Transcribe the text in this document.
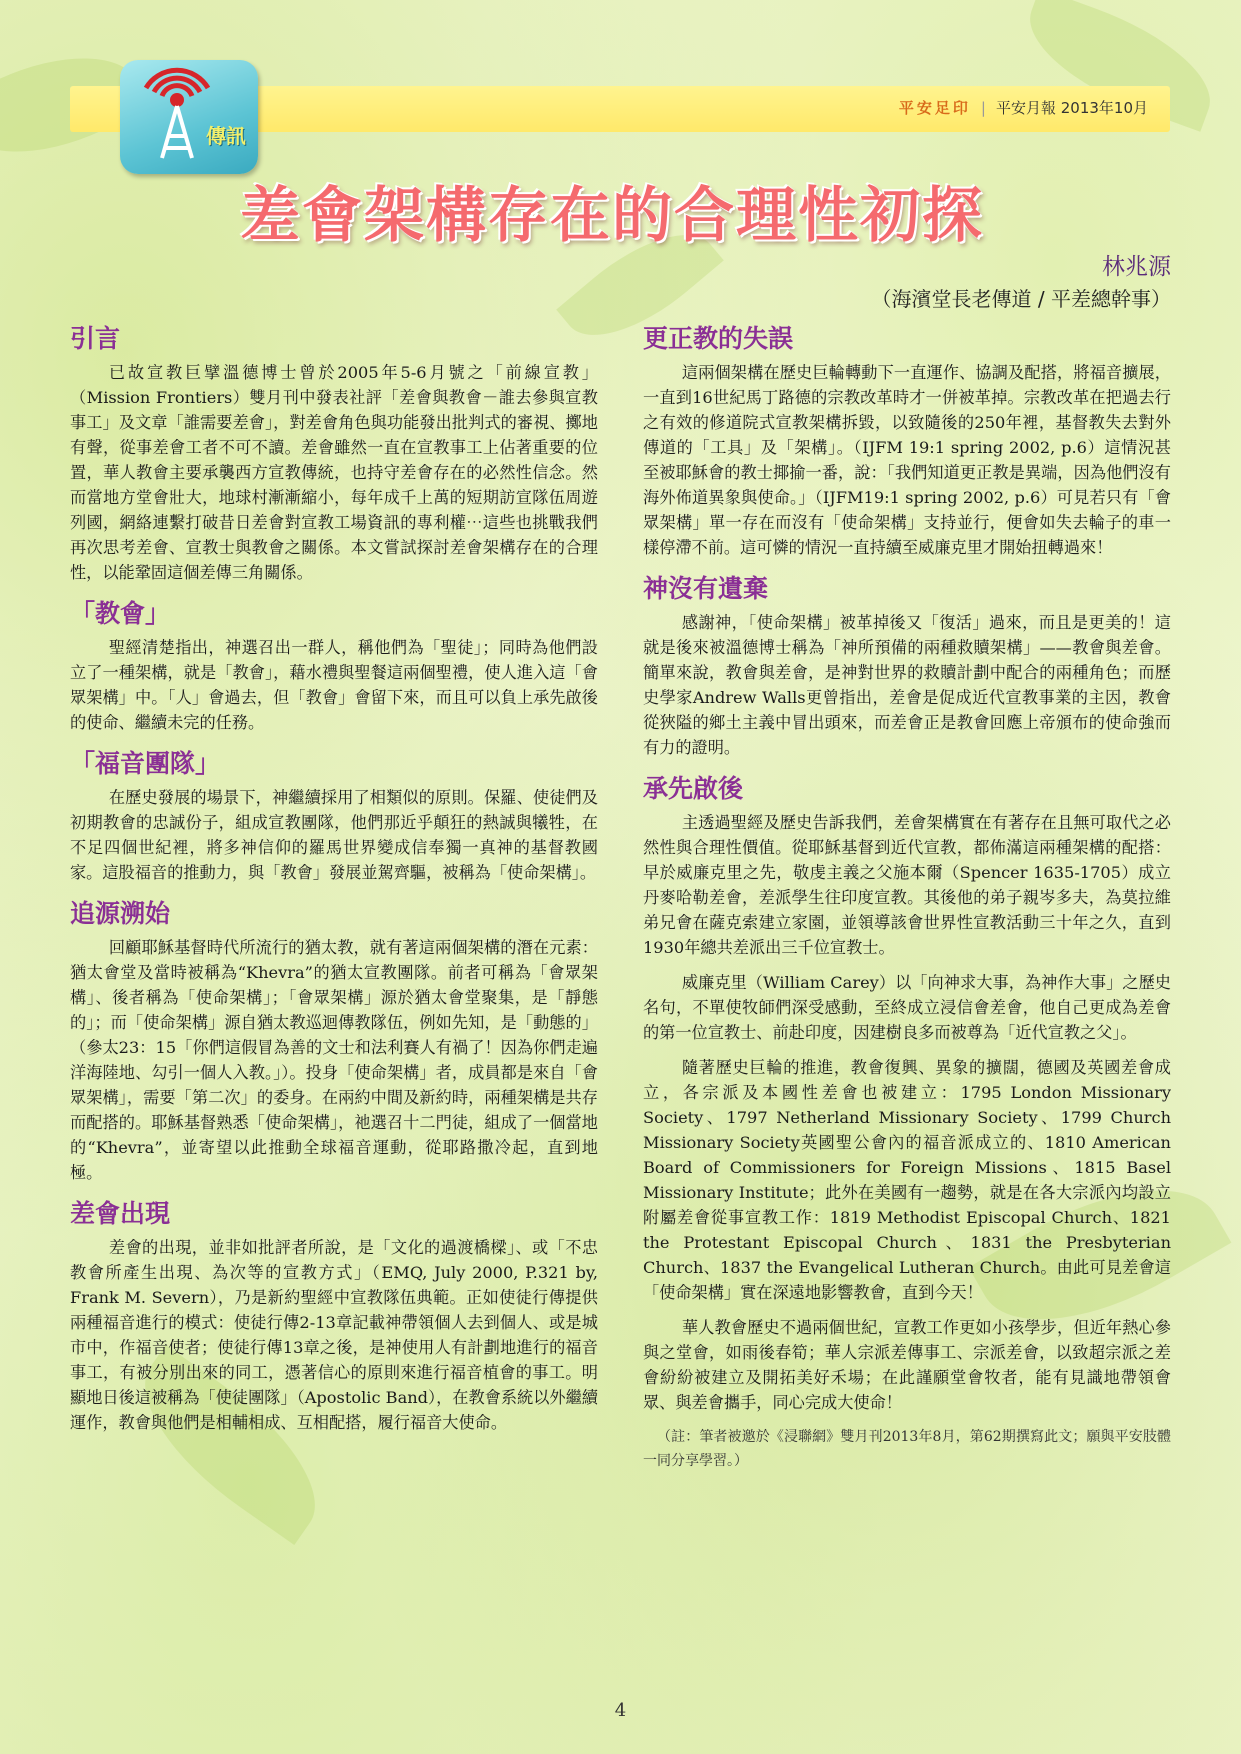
平安足印 | 平安月報 2013年10月
傳訊
差會架構存在的合理性初探
林兆源
（海濱堂長老傳道 / 平差總幹事）
引言

已故宣教巨擘溫德博士曾於2005年5-6月號之「前線宣教」（Mission Frontiers）雙月刊中發表社評「差會與教會－誰去參與宣教事工」及文章「誰需要差會」，對差會角色與功能發出批判式的審視、擲地有聲，從事差會工者不可不讀。差會雖然一直在宣教事工上佔著重要的位置，華人教會主要承襲西方宣教傳統，也持守差會存在的必然性信念。然而當地方堂會壯大，地球村漸漸縮小，每年成千上萬的短期訪宣隊伍周遊列國，網絡連繫打破昔日差會對宣教工場資訊的專利權⋯這些也挑戰我們再次思考差會、宣教士與教會之關係。本文嘗試探討差會架構存在的合理性，以能鞏固這個差傳三角關係。

「教會」

聖經清楚指出，神選召出一群人，稱他們為「聖徒」；同時為他們設立了一種架構，就是「教會」，藉水禮與聖餐這兩個聖禮，使人進入這「會眾架構」中。「人」會過去，但「教會」會留下來，而且可以負上承先啟後的使命、繼續未完的任務。

「福音團隊」

在歷史發展的場景下，神繼續採用了相類似的原則。保羅、使徒們及初期教會的忠誠份子，組成宣教團隊，他們那近乎顛狂的熱誠與犧牲，在不足四個世紀裡，將多神信仰的羅馬世界變成信奉獨一真神的基督教國家。這股福音的推動力，與「教會」發展並駕齊驅，被稱為「使命架構」。

追源溯始

回顧耶穌基督時代所流行的猶太教，就有著這兩個架構的潛在元素：猶太會堂及當時被稱為“Khevra”的猶太宣教團隊。前者可稱為「會眾架構」、後者稱為「使命架構」；「會眾架構」源於猶太會堂聚集，是「靜態的」；而「使命架構」源自猶太教巡迴傳教隊伍，例如先知，是「動態的」（參太23：15「你們這假冒為善的文士和法利賽人有禍了！因為你們走遍洋海陸地、勾引一個人入教。」）。投身「使命架構」者，成員都是來自「會眾架構」，需要「第二次」的委身。在兩約中間及新約時，兩種架構是共存而配搭的。耶穌基督熟悉「使命架構」，祂選召十二門徒，組成了一個當地的“Khevra”，並寄望以此推動全球福音運動，從耶路撒冷起，直到地極。

差會出現

差會的出現，並非如批評者所說，是「文化的過渡橋樑」、或「不忠教會所產生出現、為次等的宣教方式」（EMQ, July 2000, P.321 by, Frank M. Severn），乃是新約聖經中宣教隊伍典範。正如使徒行傳提供兩種福音進行的模式：使徒行傳2-13章記載神帶領個人去到個人、或是城市中，作福音使者；使徒行傳13章之後，是神使用人有計劃地進行的福音事工，有被分別出來的同工，憑著信心的原則來進行福音植會的事工。明顯地日後這被稱為「使徒團隊」（Apostolic Band），在教會系統以外繼續運作，教會與他們是相輔相成、互相配搭，履行福音大使命。

更正教的失誤

這兩個架構在歷史巨輪轉動下一直運作、協調及配搭，將福音擴展，一直到16世紀馬丁路德的宗教改革時才一併被革掉。宗教改革在把過去行之有效的修道院式宣教架構拆毀，以致隨後的250年裡，基督教失去對外傳道的「工具」及「架構」。（IJFM 19:1 spring 2002, p.6）這情況甚至被耶穌會的教士揶揄一番，說：「我們知道更正教是異端，因為他們沒有海外佈道異象與使命。」（IJFM19:1 spring 2002, p.6）可見若只有「會眾架構」單一存在而沒有「使命架構」支持並行，便會如失去輪子的車一樣停滯不前。這可憐的情況一直持續至威廉克里才開始扭轉過來！

神沒有遺棄

感謝神，「使命架構」被革掉後又「復活」過來，而且是更美的！這就是後來被溫德博士稱為「神所預備的兩種救贖架構」——教會與差會。簡單來說，教會與差會，是神對世界的救贖計劃中配合的兩種角色；而歷史學家Andrew Walls更曾指出，差會是促成近代宣教事業的主因，教會從狹隘的鄉土主義中冒出頭來，而差會正是教會回應上帝頒布的使命強而有力的證明。

承先啟後

主透過聖經及歷史告訴我們，差會架構實在有著存在且無可取代之必然性與合理性價值。從耶穌基督到近代宣教，都佈滿這兩種架構的配搭：早於威廉克里之先，敬虔主義之父施本爾（Spencer 1635-1705）成立丹麥哈勒差會，差派學生往印度宣教。其後他的弟子親岑多夫，為莫拉維弟兄會在薩克索建立家園，並領導該會世界性宣教活動三十年之久，直到1930年總共差派出三千位宣教士。

威廉克里（William Carey）以「向神求大事，為神作大事」之歷史名句，不單使牧師們深受感動，至終成立浸信會差會，他自己更成為差會的第一位宣教士、前赴印度，因建樹良多而被尊為「近代宣教之父」。

隨著歷史巨輪的推進，教會復興、異象的擴闊，德國及英國差會成立，各宗派及本國性差會也被建立：1795 London Missionary Society、1797 Netherland Missionary Society、1799 Church Missionary Society英國聖公會內的福音派成立的、1810 American Board of Commissioners for Foreign Missions、1815 Basel Missionary Institute；此外在美國有一趨勢，就是在各大宗派內均設立附屬差會從事宣教工作：1819 Methodist Episcopal Church、1821 the Protestant Episcopal Church、1831 the Presbyterian Church、1837 the Evangelical Lutheran Church。由此可見差會這「使命架構」實在深遠地影響教會，直到今天！

華人教會歷史不過兩個世紀，宣教工作更如小孩學步，但近年熱心參與之堂會，如雨後春筍；華人宗派差傳事工、宗派差會，以致超宗派之差會紛紛被建立及開拓美好禾場；在此謹願堂會牧者，能有見識地帶領會眾、與差會攜手，同心完成大使命！

（註：筆者被邀於《浸聯網》雙月刊2013年8月，第62期撰寫此文；願與平安肢體一同分享學習。）

4
